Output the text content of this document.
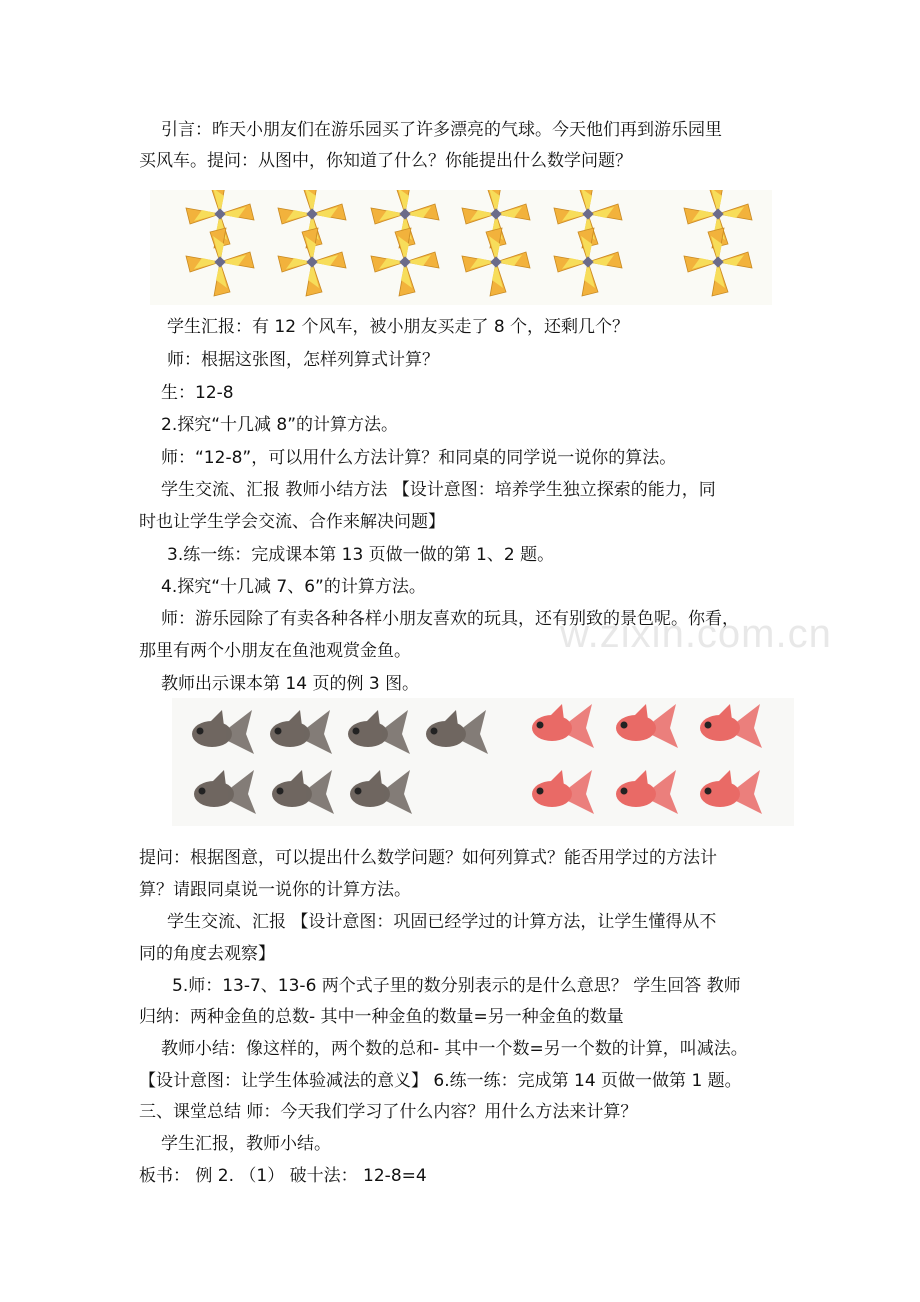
引言：昨天小朋友们在游乐园买了许多漂亮的气球。今天他们再到游乐园里
买风车。提问：从图中，你知道了什么？你能提出什么数学问题？
学生汇报：有 12 个风车，被小朋友买走了 8 个，还剩几个？
师：根据这张图，怎样列算式计算？
生：12-8
2.探究“十几减 8”的计算方法。
师：“12-8”，可以用什么方法计算？和同桌的同学说一说你的算法。
学生交流、汇报 教师小结方法 【设计意图：培养学生独立探索的能力，同
时也让学生学会交流、合作来解决问题】
3.练一练：完成课本第 13 页做一做的第 1、2 题。
4.探究“十几减 7、6”的计算方法。
师：游乐园除了有卖各种各样小朋友喜欢的玩具，还有别致的景色呢。你看，
那里有两个小朋友在鱼池观赏金鱼。
教师出示课本第 14 页的例 3 图。
w.zixin.com.cn
提问：根据图意，可以提出什么数学问题？如何列算式？能否用学过的方法计
算？请跟同桌说一说你的计算方法。
学生交流、汇报 【设计意图：巩固已经学过的计算方法，让学生懂得从不
同的角度去观察】
5.师：13-7、13-6 两个式子里的数分别表示的是什么意思？ 学生回答 教师
归纳：两种金鱼的总数- 其中一种金鱼的数量=另一种金鱼的数量
教师小结：像这样的，两个数的总和- 其中一个数=另一个数的计算，叫减法。
【设计意图：让学生体验减法的意义】 6.练一练：完成第 14 页做一做第 1 题。
三、课堂总结 师：今天我们学习了什么内容？用什么方法来计算？
学生汇报，教师小结。
板书： 例 2. （1） 破十法： 12-8=4
